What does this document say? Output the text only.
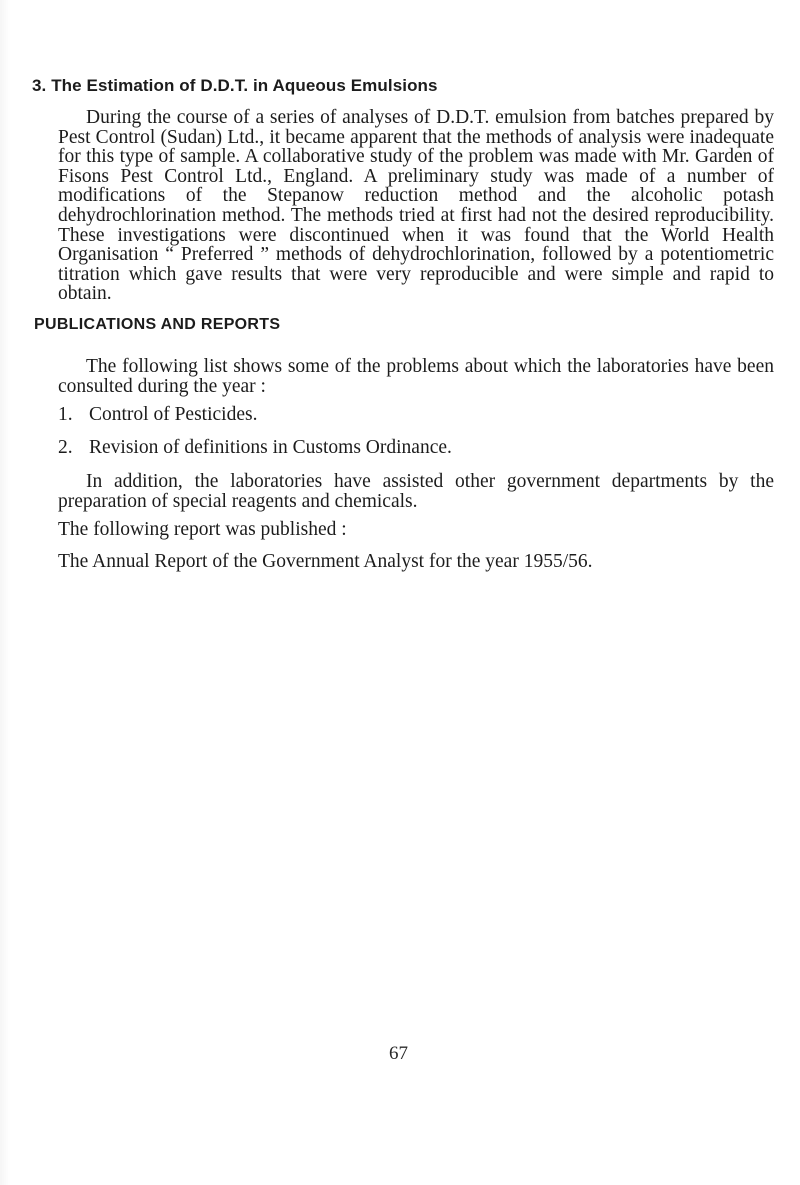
3. The Estimation of D.D.T. in Aqueous Emulsions

During the course of a series of analyses of D.D.T. emulsion from batches prepared by Pest Control (Sudan) Ltd., it became apparent that the methods of analysis were inadequate for this type of sample. A collaborative study of the problem was made with Mr. Garden of Fisons Pest Control Ltd., England. A preliminary study was made of a number of modifications of the Stepanow reduction method and the alcoholic potash dehydrochlorination method. The methods tried at first had not the desired reproducibility. These investigations were discontinued when it was found that the World Health Organisation “ Preferred ” methods of dehydrochlorination, followed by a potentiometric titration which gave results that were very reproducible and were simple and rapid to obtain.

PUBLICATIONS AND REPORTS

The following list shows some of the problems about which the laboratories have been consulted during the year :

1. Control of Pesticides.
2. Revision of definitions in Customs Ordinance.

In addition, the laboratories have assisted other government departments by the preparation of special reagents and chemicals.

The following report was published :

The Annual Report of the Government Analyst for the year 1955/56.

67
